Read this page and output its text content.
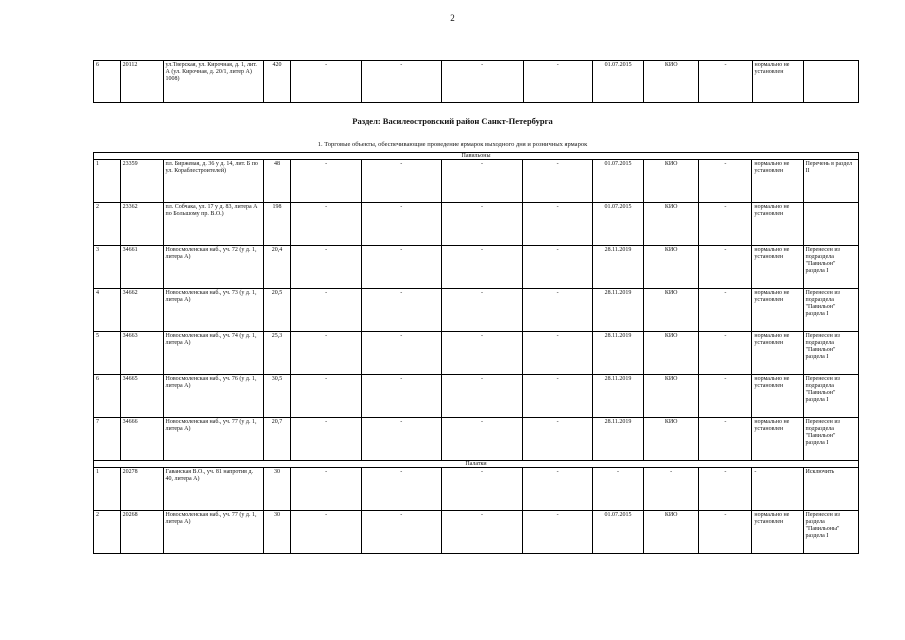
2
6	20112	ул.Тверская, ул. Кирочная, д. 1, лит. А (ул. Кирочная, д. 20/1, литер А) 1008)	420	-	-	-	-	01.07.2015	КИО	-	нормально не установлен	
Раздел: Василеостровский район Санкт-Петербурга
1. Торговые объекты, обеспечивающие проведение ярмарок выходного дня и розничных ярмарок
Павильоны												
1	23359	пл. Биржевая, д. 36 у д. 14, лит. Б по ул. Кораблестроителей)	48	-	-	-	-	01.07.2015	КИО	-	нормально не установлен	Перечень в раздел II
2	23362	пл. Собчака, ул. 17 у д. 83, литера А по Большому пр. В.О.)	198	-	-	-	-	01.07.2015	КИО	-	нормально не установлен	
3	34661	Новосмоленская наб., уч. 72 (у д. 1, литера А)	20,4	-	-	-	-	28.11.2019	КИО	-	нормально не установлен	Перенесен из подраздела "Павильон" раздела I
4	34662	Новосмоленская наб., уч. 73 (у д. 1, литера А)	20,5	-	-	-	-	28.11.2019	КИО	-	нормально не установлен	Перенесен из подраздела "Павильон" раздела I
5	34663	Новосмоленская наб., уч. 74 (у д. 1, литера А)	25,3	-	-	-	-	28.11.2019	КИО	-	нормально не установлен	Перенесен из подраздела "Павильон" раздела I
6	34665	Новосмоленская наб., уч. 76 (у д. 1, литера А)	30,5	-	-	-	-	28.11.2019	КИО	-	нормально не установлен	Перенесен из подраздела "Павильон" раздела I
7	34666	Новосмоленская наб., уч. 77 (у д. 1, литера А)	20,7	-	-	-	-	28.11.2019	КИО	-	нормально не установлен	Перенесен из подраздела "Павильон" раздела I
Палатки												
1	20278	Гаванская В.О., уч. 81 напротив д. 40, литера А)	30	-	-	-	-	-	-	-	-	Исключить
2	20268	Новосмоленская наб., уч. 77 (у д. 1, литера А)	30	-	-	-	-	01.07.2015	КИО	-	нормально не установлен	Перенесен из раздела "Павильоны" раздела I
